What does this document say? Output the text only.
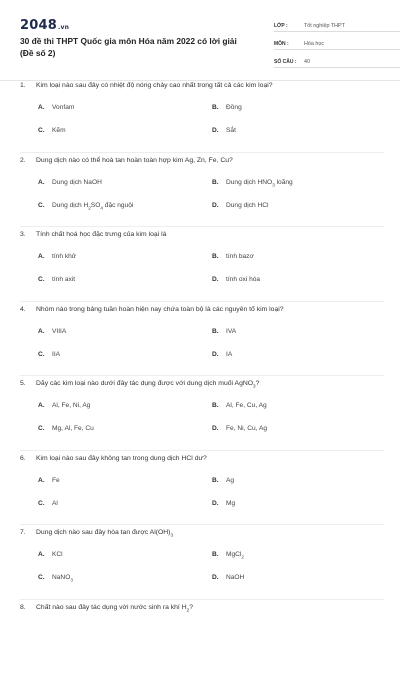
2048.vn
30 đề thi THPT Quốc gia môn Hóa năm 2022 có lời giải (Đề số 2)
LỚP :	Tốt nghiệp THPT
MÔN :	Hóa học
SỐ CÂU :	40
1. Kim loại nào sau đây có nhiệt độ nóng chảy cao nhất trong tất cả các kim loại?
A. Vonfam	B. Đồng
C. Kẽm	D. Sắt
2. Dung dịch nào có thể hoà tan hoàn toàn hợp kim Ag, Zn, Fe, Cu?
A. Dung dịch NaOH	B. Dung dịch $HNO_3$ loãng
C. Dung dịch $H_2SO_4$ đặc nguội	D. Dung dịch HCl
3. Tính chất hoá học đặc trưng của kim loại là
A. tính khử	B. tính bazơ
C. tính axit	D. tính oxi hóa
4. Nhóm nào trong bảng tuần hoàn hiện nay chứa toàn bộ là các nguyên tố kim loại?
A. VIIIA	B. IVA
C. IIA	D. IA
5. Dãy các kim loại nào dưới đây tác dụng được với dung dịch muối AgNO$_3$?
A. Al, Fe, Ni, Ag	B. Al, Fe, Cu, Ag
C. Mg, Al, Fe, Cu	D. Fe, Ni, Cu, Ag
6. Kim loại nào sau đây không tan trong dung dịch HCl dư?
A. Fe	B. Ag
C. Al	D. Mg
7. Dung dịch nào sau đây hòa tan được $Al(OH)_3$
A. KCl	B. MgCl$_2$
C. NaNO$_3$	D. NaOH
8. Chất nào sau đây tác dụng với nước sinh ra khí $H_2$?
